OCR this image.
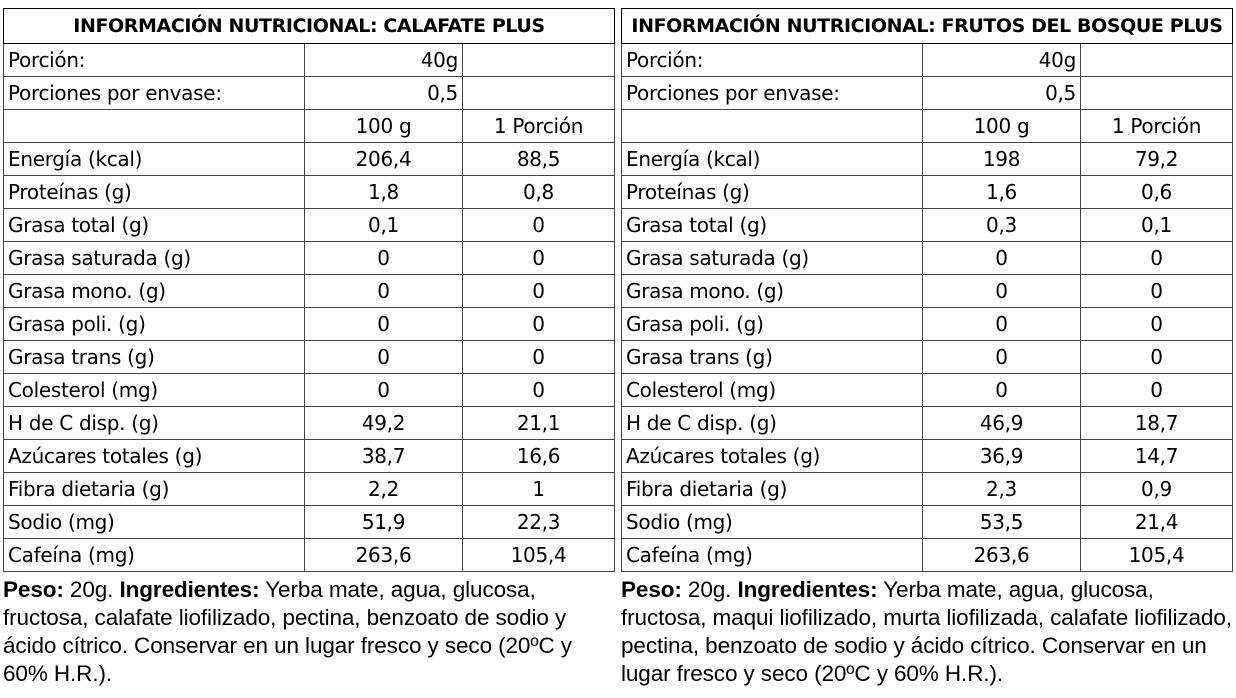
INFORMACIÓN NUTRICIONAL: CALAFATE PLUS		
Porción:	40g	
Porciones por envase:	0,5	
	100 g	1 Porción
Energía (kcal)	206,4	88,5
Proteínas (g)	1,8	0,8
Grasa total (g)	0,1	0
Grasa saturada (g)	0	0
Grasa mono. (g)	0	0
Grasa poli. (g)	0	0
Grasa trans (g)	0	0
Colesterol (mg)	0	0
H de C disp. (g)	49,2	21,1
Azúcares totales (g)	38,7	16,6
Fibra dietaria (g)	2,2	1
Sodio (mg)	51,9	22,3
Cafeína (mg)	263,6	105,4
Peso: 20g. Ingredientes: Yerba mate, agua, glucosa, fructosa, calafate liofilizado, pectina, benzoato de sodio y ácido cítrico. Conservar en un lugar fresco y seco (20ºC y 60% H.R.).
INFORMACIÓN NUTRICIONAL: FRUTOS DEL BOSQUE PLUS		
Porción:	40g	
Porciones por envase:	0,5	
	100 g	1 Porción
Energía (kcal)	198	79,2
Proteínas (g)	1,6	0,6
Grasa total (g)	0,3	0,1
Grasa saturada (g)	0	0
Grasa mono. (g)	0	0
Grasa poli. (g)	0	0
Grasa trans (g)	0	0
Colesterol (mg)	0	0
H de C disp. (g)	46,9	18,7
Azúcares totales (g)	36,9	14,7
Fibra dietaria (g)	2,3	0,9
Sodio (mg)	53,5	21,4
Cafeína (mg)	263,6	105,4
Peso: 20g. Ingredientes: Yerba mate, agua, glucosa, fructosa, maqui liofilizado, murta liofilizada, calafate liofilizado, pectina, benzoato de sodio y ácido cítrico. Conservar en un lugar fresco y seco (20ºC y 60% H.R.).
